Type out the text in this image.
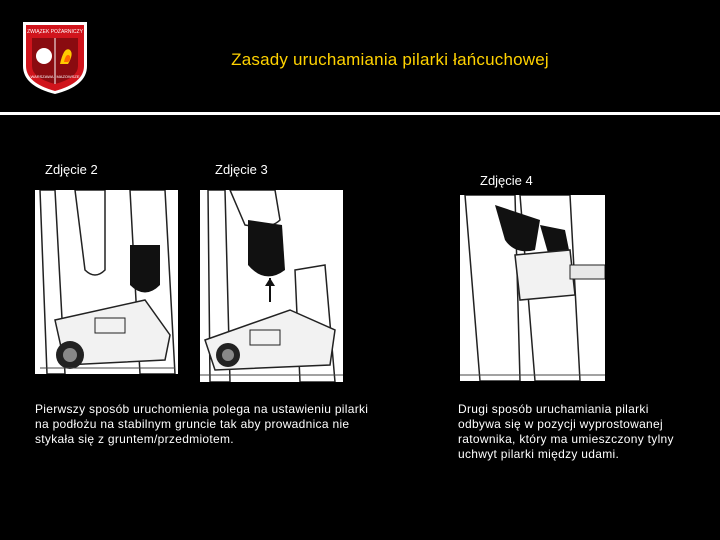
ZWIĄZEK POŻARNICZY
WARSZAWA MAZOWSZE
Zasady uruchamiania pilarki łańcuchowej
Zdjęcie 2	Zdjęcie 3
Zdjęcie 4
Pierwszy sposób uruchomienia polega na ustawieniu pilarki na podłożu na stabilnym gruncie tak aby prowadnica nie stykała się z gruntem/przedmiotem.
Drugi sposób uruchamiania pilarki odbywa się w pozycji wyprostowanej ratownika, który ma umieszczony tylny uchwyt pilarki między udami.
